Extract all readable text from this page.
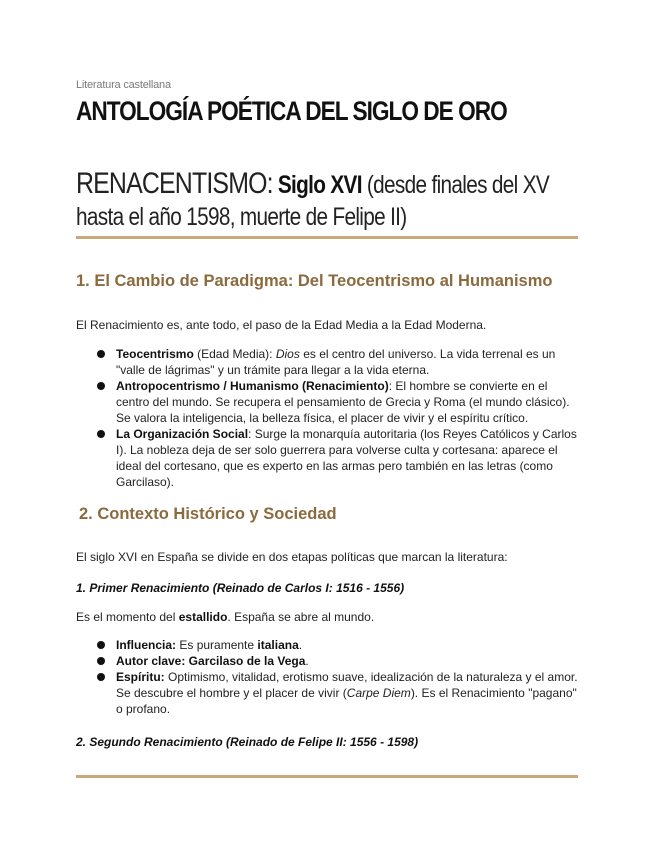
Literatura castellana
ANTOLOGÍA POÉTICA DEL SIGLO DE ORO

RENACENTISMO: Siglo XVI (desde finales del XV hasta el año 1598, muerte de Felipe II)

1. El Cambio de Paradigma: Del Teocentrismo al Humanismo
El Renacimiento es, ante todo, el paso de la Edad Media a la Edad Moderna.
Teocentrismo (Edad Media): Dios es el centro del universo. La vida terrenal es un "valle de lágrimas" y un trámite para llegar a la vida eterna.
Antropocentrismo / Humanismo (Renacimiento): El hombre se convierte en el centro del mundo. Se recupera el pensamiento de Grecia y Roma (el mundo clásico). Se valora la inteligencia, la belleza física, el placer de vivir y el espíritu crítico.
La Organización Social: Surge la monarquía autoritaria (los Reyes Católicos y Carlos I). La nobleza deja de ser solo guerrera para volverse culta y cortesana: aparece el ideal del cortesano, que es experto en las armas pero también en las letras (como Garcilaso).
2. Contexto Histórico y Sociedad
El siglo XVI en España se divide en dos etapas políticas que marcan la literatura:
1. Primer Renacimiento (Reinado de Carlos I: 1516 - 1556)
Es el momento del estallido. España se abre al mundo.
Influencia: Es puramente italiana.
Autor clave: Garcilaso de la Vega.
Espíritu: Optimismo, vitalidad, erotismo suave, idealización de la naturaleza y el amor. Se descubre el hombre y el placer de vivir (Carpe Diem). Es el Renacimiento "pagano" o profano.
2. Segundo Renacimiento (Reinado de Felipe II: 1556 - 1598)
